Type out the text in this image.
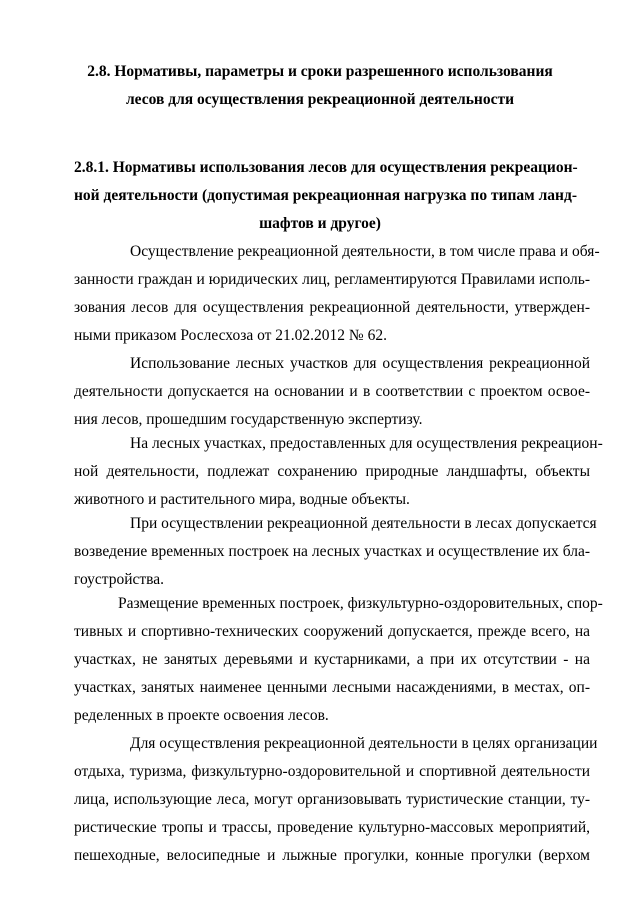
2.8. Нормативы, параметры и сроки разрешенного использования
лесов для осуществления рекреационной деятельности
2.8.1. Нормативы использования лесов для осуществления рекреацион-
ной деятельности (допустимая рекреационная нагрузка по типам ланд-
шафтов и другое)
Осуществление рекреационной деятельности, в том числе права и обя-
занности граждан и юридических лиц, регламентируются Правилами исполь-
зования лесов для осуществления рекреационной деятельности, утвержден-
ными приказом Рослесхоза от 21.02.2012 № 62.
Использование лесных участков для осуществления рекреационной
деятельности допускается на основании и в соответствии с проектом освое-
ния лесов, прошедшим государственную экспертизу.
На лесных участках, предоставленных для осуществления рекреацион-
ной деятельности, подлежат сохранению природные ландшафты, объекты
животного и растительного мира, водные объекты.
При осуществлении рекреационной деятельности в лесах допускается
возведение временных построек на лесных участках и осуществление их бла-
гоустройства.
Размещение временных построек, физкультурно-оздоровительных, спор-
тивных и спортивно-технических сооружений допускается, прежде всего, на
участках, не занятых деревьями и кустарниками, а при их отсутствии - на
участках, занятых наименее ценными лесными насаждениями, в местах, оп-
ределенных в проекте освоения лесов.
Для осуществления рекреационной деятельности в целях организации
отдыха, туризма, физкультурно-оздоровительной и спортивной деятельности
лица, использующие леса, могут организовывать туристические станции, ту-
ристические тропы и трассы, проведение культурно-массовых мероприятий,
пешеходные, велосипедные и лыжные прогулки, конные прогулки (верхом
